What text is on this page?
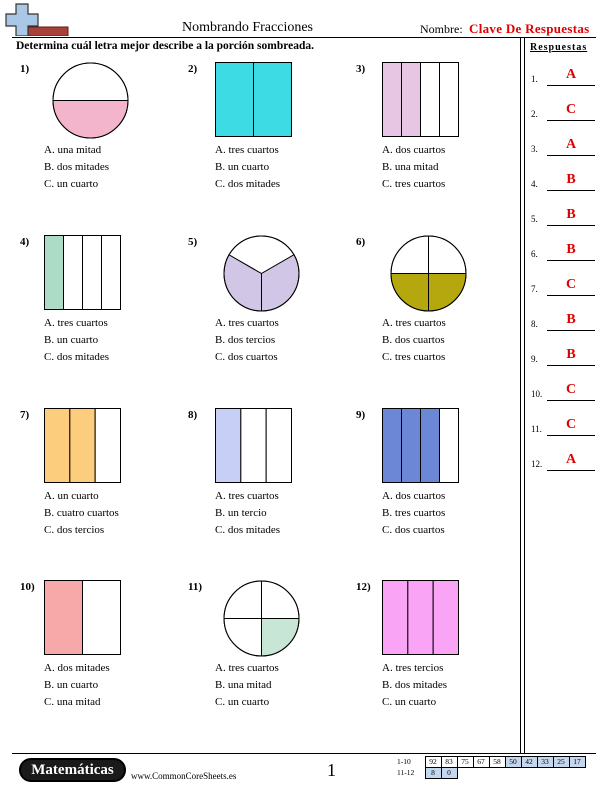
Nombrando Fracciones	Nombre: Clave De Respuestas
Determina cuál letra mejor describe a la porción sombreada.	Respuestas
1.	A
2.	C
3.	A
4.	B
5.	B
6.	B
7.	C
8.	B
9.	B
10.	C
11.	C
12.	A
1)
A. una mitad
B. dos mitades
C. un cuarto
2)
A. tres cuartos
B. un cuarto
C. dos mitades
3)
A. dos cuartos
B. una mitad
C. tres cuartos
4)
A. tres cuartos
B. un cuarto
C. dos mitades
5)
A. tres cuartos
B. dos tercios
C. dos cuartos
6)
A. tres cuartos
B. dos cuartos
C. tres cuartos
7)
A. un cuarto
B. cuatro cuartos
C. dos tercios
8)
A. tres cuartos
B. un tercio
C. dos mitades
9)
A. dos cuartos
B. tres cuartos
C. dos cuartos
10)
A. dos mitades
B. un cuarto
C. una mitad
11)
A. tres cuartos
B. una mitad
C. un cuarto
12)
A. tres tercios
B. dos mitades
C. un cuarto
Matemáticas	www.CommonCoreSheets.es	1	1-10	92	83	75	67	58	50	42	33	25	17
11-12	8	0								
